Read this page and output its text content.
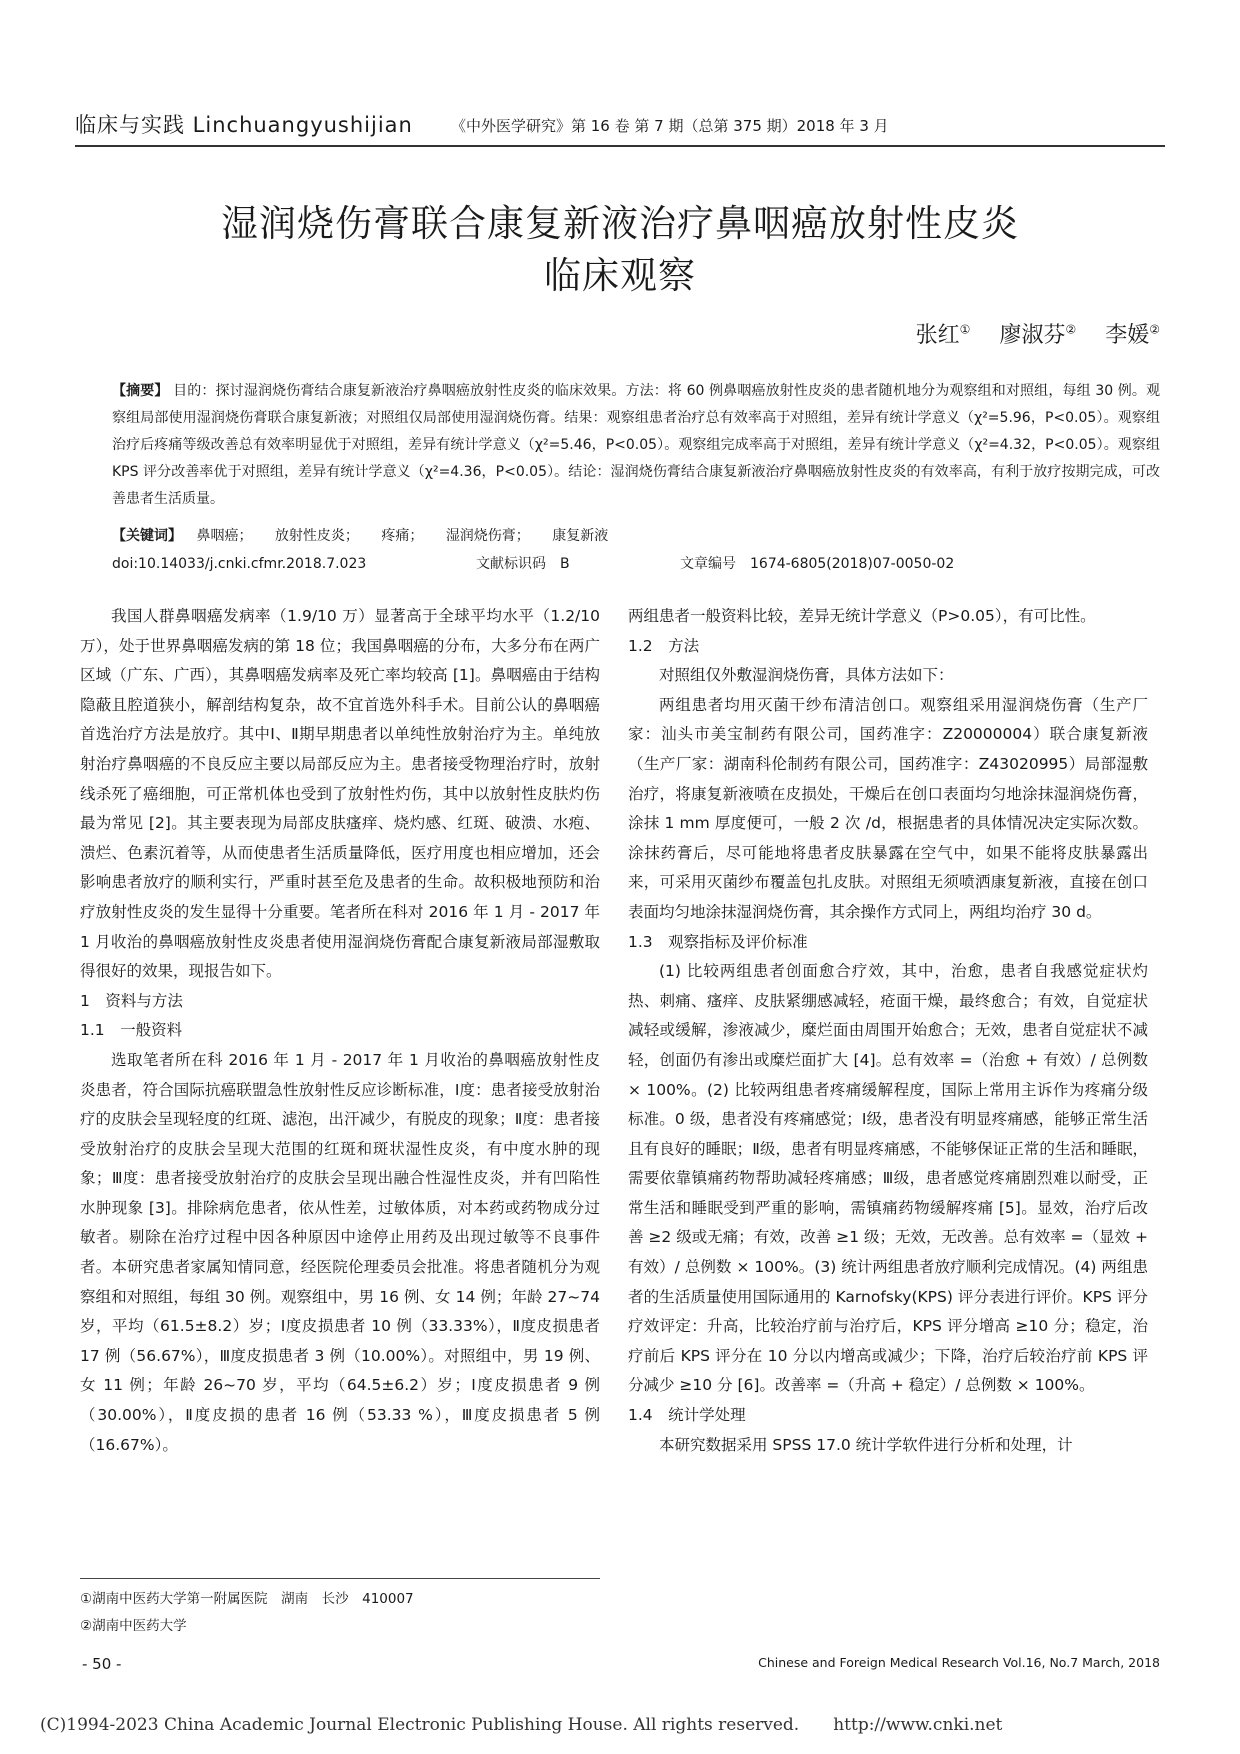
临床与实践 Linchuangyushijian	《中外医学研究》第 16 卷 第 7 期（总第 375 期）2018 年 3 月
湿润烧伤膏联合康复新液治疗鼻咽癌放射性皮炎
临床观察
张红① 廖淑芬② 李媛②
【摘要】 目的：探讨湿润烧伤膏结合康复新液治疗鼻咽癌放射性皮炎的临床效果。方法：将 60 例鼻咽癌放射性皮炎的患者随机地分为观察组和对照组，每组 30 例。观察组局部使用湿润烧伤膏联合康复新液；对照组仅局部使用湿润烧伤膏。结果：观察组患者治疗总有效率高于对照组，差异有统计学意义（χ²=5.96，P<0.05）。观察组治疗后疼痛等级改善总有效率明显优于对照组，差异有统计学意义（χ²=5.46，P<0.05）。观察组完成率高于对照组，差异有统计学意义（χ²=4.32，P<0.05）。观察组 KPS 评分改善率优于对照组，差异有统计学意义（χ²=4.36，P<0.05）。结论：湿润烧伤膏结合康复新液治疗鼻咽癌放射性皮炎的有效率高，有利于放疗按期完成，可改善患者生活质量。
【关键词】 鼻咽癌； 放射性皮炎； 疼痛； 湿润烧伤膏； 康复新液
doi:10.14033/j.cnki.cfmr.2018.7.023	文献标识码　B	文章编号　1674-6805(2018)07-0050-02

我国人群鼻咽癌发病率（1.9/10 万）显著高于全球平均水平（1.2/10 万），处于世界鼻咽癌发病的第 18 位；我国鼻咽癌的分布，大多分布在两广区域（广东、广西），其鼻咽癌发病率及死亡率均较高 [1]。鼻咽癌由于结构隐蔽且腔道狭小，解剖结构复杂，故不宜首选外科手术。目前公认的鼻咽癌首选治疗方法是放疗。其中Ⅰ、Ⅱ期早期患者以单纯性放射治疗为主。单纯放射治疗鼻咽癌的不良反应主要以局部反应为主。患者接受物理治疗时，放射线杀死了癌细胞，可正常机体也受到了放射性灼伤，其中以放射性皮肤灼伤最为常见 [2]。其主要表现为局部皮肤瘙痒、烧灼感、红斑、破溃、水疱、溃烂、色素沉着等，从而使患者生活质量降低，医疗用度也相应增加，还会影响患者放疗的顺利实行，严重时甚至危及患者的生命。故积极地预防和治疗放射性皮炎的发生显得十分重要。笔者所在科对 2016 年 1 月 - 2017 年 1 月收治的鼻咽癌放射性皮炎患者使用湿润烧伤膏配合康复新液局部湿敷取得很好的效果，现报告如下。

1　资料与方法

1.1　一般资料

选取笔者所在科 2016 年 1 月 - 2017 年 1 月收治的鼻咽癌放射性皮炎患者，符合国际抗癌联盟急性放射性反应诊断标准，Ⅰ度：患者接受放射治疗的皮肤会呈现轻度的红斑、滤泡，出汗减少，有脱皮的现象；Ⅱ度：患者接受放射治疗的皮肤会呈现大范围的红斑和斑状湿性皮炎，有中度水肿的现象；Ⅲ度：患者接受放射治疗的皮肤会呈现出融合性湿性皮炎，并有凹陷性水肿现象 [3]。排除病危患者，依从性差，过敏体质，对本药或药物成分过敏者。剔除在治疗过程中因各种原因中途停止用药及出现过敏等不良事件者。本研究患者家属知情同意，经医院伦理委员会批准。将患者随机分为观察组和对照组，每组 30 例。观察组中，男 16 例、女 14 例；年龄 27~74 岁，平均（61.5±8.2）岁；Ⅰ度皮损患者 10 例（33.33%），Ⅱ度皮损患者 17 例（56.67%），Ⅲ度皮损患者 3 例（10.00%）。对照组中，男 19 例、女 11 例；年龄 26~70 岁，平均（64.5±6.2）岁；Ⅰ度皮损患者 9 例（30.00%），Ⅱ度皮损的患者 16 例（53.33 %），Ⅲ度皮损患者 5 例（16.67%）。

两组患者一般资料比较，差异无统计学意义（P>0.05），有可比性。

1.2　方法

对照组仅外敷湿润烧伤膏，具体方法如下：

两组患者均用灭菌干纱布清洁创口。观察组采用湿润烧伤膏（生产厂家：汕头市美宝制药有限公司，国药准字：Z20000004）联合康复新液（生产厂家：湖南科伦制药有限公司，国药准字：Z43020995）局部湿敷治疗，将康复新液喷在皮损处，干燥后在创口表面均匀地涂抹湿润烧伤膏，涂抹 1 mm 厚度便可，一般 2 次 /d，根据患者的具体情况决定实际次数。涂抹药膏后，尽可能地将患者皮肤暴露在空气中，如果不能将皮肤暴露出来，可采用灭菌纱布覆盖包扎皮肤。对照组无须喷洒康复新液，直接在创口表面均匀地涂抹湿润烧伤膏，其余操作方式同上，两组均治疗 30 d。

1.3　观察指标及评价标准

(1) 比较两组患者创面愈合疗效，其中，治愈，患者自我感觉症状灼热、刺痛、瘙痒、皮肤紧绷感减轻，疮面干燥，最终愈合；有效，自觉症状减轻或缓解，渗液减少，糜烂面由周围开始愈合；无效，患者自觉症状不减轻，创面仍有渗出或糜烂面扩大 [4]。总有效率 =（治愈 + 有效）/ 总例数 × 100%。(2) 比较两组患者疼痛缓解程度，国际上常用主诉作为疼痛分级标准。0 级，患者没有疼痛感觉；Ⅰ级，患者没有明显疼痛感，能够正常生活且有良好的睡眠；Ⅱ级，患者有明显疼痛感，不能够保证正常的生活和睡眠，需要依靠镇痛药物帮助减轻疼痛感；Ⅲ级，患者感觉疼痛剧烈难以耐受，正常生活和睡眠受到严重的影响，需镇痛药物缓解疼痛 [5]。显效，治疗后改善 ≥2 级或无痛；有效，改善 ≥1 级；无效，无改善。总有效率 =（显效 + 有效）/ 总例数 × 100%。(3) 统计两组患者放疗顺利完成情况。(4) 两组患者的生活质量使用国际通用的 Karnofsky(KPS) 评分表进行评价。KPS 评分疗效评定：升高，比较治疗前与治疗后，KPS 评分增高 ≥10 分；稳定，治疗前后 KPS 评分在 10 分以内增高或减少；下降，治疗后较治疗前 KPS 评分减少 ≥10 分 [6]。改善率 =（升高 + 稳定）/ 总例数 × 100%。

1.4　统计学处理

本研究数据采用 SPSS 17.0 统计学软件进行分析和处理，计

①湖南中医药大学第一附属医院　湖南　长沙　410007
②湖南中医药大学
- 50 -	Chinese and Foreign Medical Research Vol.16, No.7 March, 2018
(C)1994-2023 China Academic Journal Electronic Publishing House. All rights reserved.　　http://www.cnki.net
